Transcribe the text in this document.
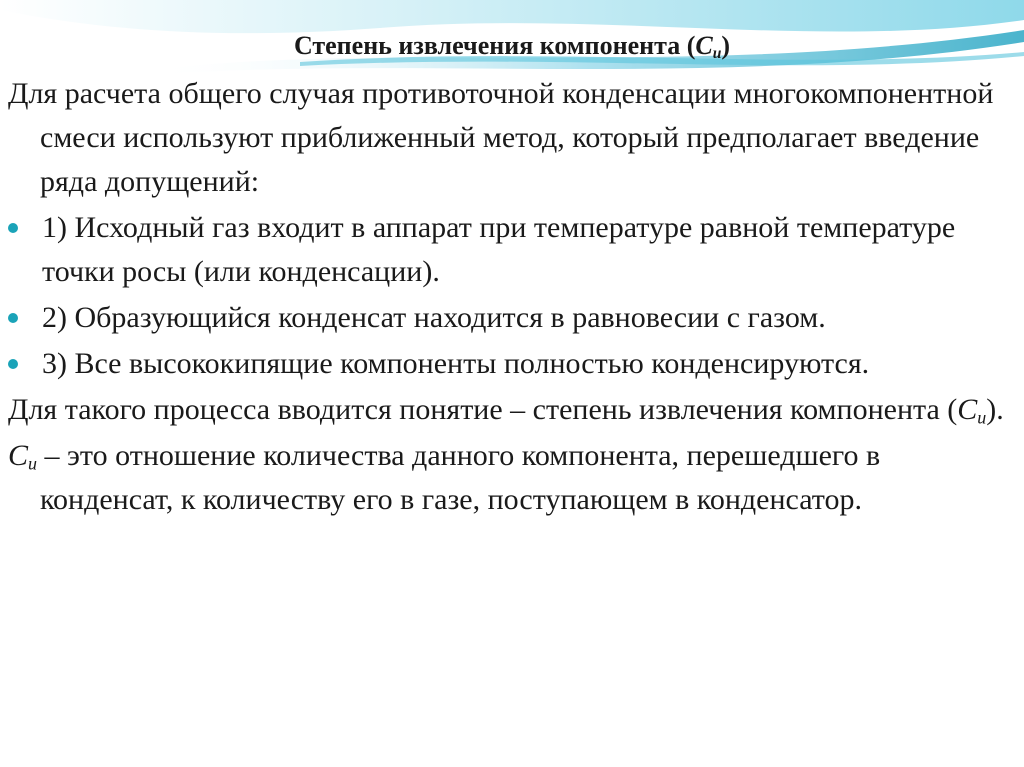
Степень извлечения компонента $(С_и)$

Для расчета общего случая противоточной конденсации многокомпонентной смеси используют приближенный метод, который предполагает введение ряда допущений:

1) Исходный газ входит в аппарат при температуре равной температуре точки росы (или конденсации).
2) Образующийся конденсат находится в равновесии с газом.
3) Все высококипящие компоненты полностью конденсируются.

Для такого процесса вводится понятие – степень извлечения компонента $(С_и)$.

$С_и$ – это отношение количества данного компонента, перешедшего в конденсат, к количеству его в газе, поступающем в конденсатор.
